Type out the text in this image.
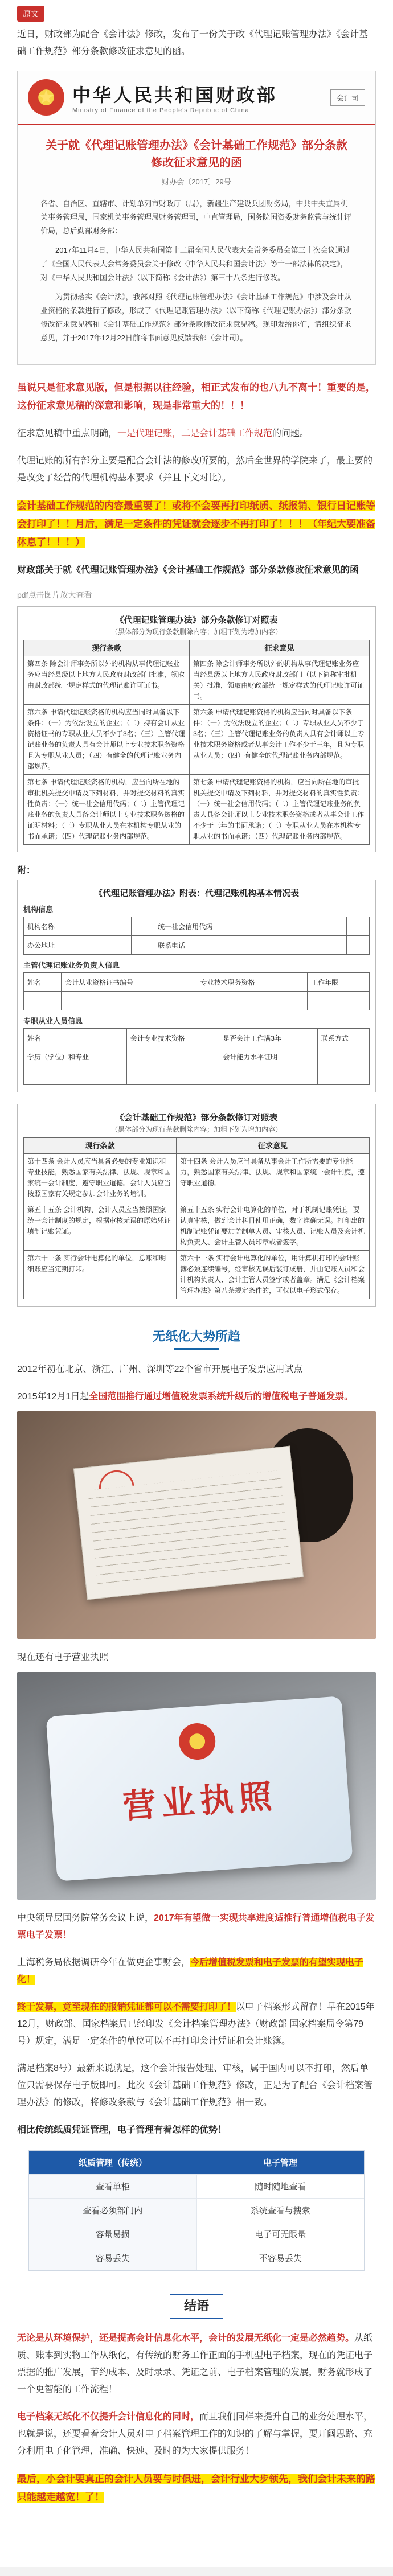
原文
近日，财政部为配合《会计法》修改，发布了一份关于改《代理记账管理办法》《会计基础工作规范》部分条款修改征求意见的函。
★ 中华人民共和国财政部
Ministry of Finance of the People's Republic of China
会计司
关于就《代理记账管理办法》《会计基础工作规范》部分条款修改征求意见的函
财办会〔2017〕29号

各省、自治区、直辖市、计划单列市财政厅（局），新疆生产建设兵团财务局，中共中央直属机关事务管理局，国家机关事务管理局财务管理司，中直管理局，国务院国资委财务监管与统计评价局，总后勤部财务部：

2017年11月4日，中华人民共和国第十二届全国人民代表大会常务委员会第三十次会议通过了《全国人民代表大会常务委员会关于修改〈中华人民共和国会计法〉等十一部法律的决定》，对《中华人民共和国会计法》（以下简称《会计法》）第三十八条进行修改。

为贯彻落实《会计法》，我部对照《代理记账管理办法》《会计基础工作规范》中涉及会计从业资格的条款进行了修改，形成了《代理记账管理办法》（以下简称《代理记账办法》）部分条款修改征求意见稿和《会计基础工作规范》部分条款修改征求意见稿。现印发给你们，请组织征求意见，并于2017年12月22日前将书面意见反馈我部（会计司）。

虽说只是征求意见版，但是根据以往经验，相正式发布的也八九不离十！重要的是，这份征求意见稿的深意和影响，现是非常重大的！！！
征求意见稿中重点明确，一是代理记账，二是会计基础工作规范的问题。
代理记账的所有部分主要是配合会计法的修改所要的，然后全世界的学院来了，最主要的是改变了经营的代理机构基本要求（并且下文对比）。
会计基础工作规范的内容最重要了！或将不会要再打印纸质、纸报销、银行日记账等会打印了！！月后，满足一定条件的凭证就会逐步不再打印了！！！（年纪大要准备休息了！！！）
财政部关于就《代理记账管理办法》《会计基础工作规范》部分条款修改征求意见的函
pdf点击图片放大查看
《代理记账管理办法》部分条款修订对照表
（黑体部分为现行条款删除内容；加粗下划为增加内容）
现行条款	征求意见
第四条 除会计师事务所以外的机构从事代理记账业务应当经县级以上地方人民政府财政部门批准，领取由财政部统一规定样式的代理记账许可证书。	第四条 除会计师事务所以外的机构从事代理记账业务应当经县级以上地方人民政府财政部门（以下简称审批机关）批准，领取由财政部统一规定样式的代理记账许可证书。
第六条 申请代理记账资格的机构应当同时具备以下条件：（一）为依法设立的企业；（二）持有会计从业资格证书的专职从业人员不少于3名；（三）主管代理记账业务的负责人具有会计师以上专业技术职务资格且为专职从业人员；（四）有健全的代理记账业务内部规范。	第六条 申请代理记账资格的机构应当同时具备以下条件：（一）为依法设立的企业；（二）专职从业人员不少于3名；（三）主管代理记账业务的负责人具有会计师以上专业技术职务资格或者从事会计工作不少于三年，且为专职从业人员；（四）有健全的代理记账业务内部规范。
第七条 申请代理记账资格的机构，应当向所在地的审批机关提交申请及下列材料，并对提交材料的真实性负责：（一）统一社会信用代码；（二）主管代理记账业务的负责人具备会计师以上专业技术职务资格的证明材料；（三）专职从业人员在本机构专职从业的书面承诺；（四）代理记账业务内部规范。	第七条 申请代理记账资格的机构，应当向所在地的审批机关提交申请及下列材料，并对提交材料的真实性负责：（一）统一社会信用代码；（二）主管代理记账业务的负责人具备会计师以上专业技术职务资格或者从事会计工作不少于三年的书面承诺；（三）专职从业人员在本机构专职从业的书面承诺；（四）代理记账业务内部规范。
附：
《代理记账管理办法》附表：代理记账机构基本情况表
机构信息
机构名称		统一社会信用代码	
办公地址		联系电话	
主管代理记账业务负责人信息
姓名	会计从业资格证书编号	专业技术职务资格	工作年限

专职从业人员信息
姓名	会计专业技术资格	是否会计工作满3年	联系方式
学历（学位）和专业		会计能力水平证明	

《会计基础工作规范》部分条款修订对照表
（黑体部分为现行条款删除内容；加粗下划为增加内容）
现行条款	征求意见
第十四条 会计人员应当具备必要的专业知识和专业技能，熟悉国家有关法律、法规、规章和国家统一会计制度，遵守职业道德。会计人员应当按照国家有关规定参加会计业务的培训。	第十四条 会计人员应当具备从事会计工作所需要的专业能力，熟悉国家有关法律、法规、规章和国家统一会计制度，遵守职业道德。
第五十五条 会计机构、会计人员应当按照国家统一会计制度的规定，根据审核无误的原始凭证填制记账凭证。	第五十五条 实行会计电算化的单位，对于机制记账凭证，要认真审核，做到会计科目使用正确，数字准确无误。打印出的机制记账凭证要加盖制单人员、审核人员、记账人员及会计机构负责人、会计主管人员印章或者签字。
第六十一条 实行会计电算化的单位，总账和明细账应当定期打印。	第六十一条 实行会计电算化的单位，用计算机打印的会计账簿必须连续编号，经审核无误后装订成册，并由记账人员和会计机构负责人、会计主管人员签字或者盖章。满足《会计档案管理办法》第八条规定条件的，可仅以电子形式保存。
无纸化大势所趋
2012年初在北京、浙江、广州、深圳等22个省市开展电子发票应用试点
2015年12月1日起全国范围推行通过增值税发票系统升级后的增值税电子普通发票。
现在还有电子营业执照
营业执照
中央领导层国务院常务会议上说，2017年有望做一实现共享进度适推行普通增值税电子发票电子发票！
上海税务局依据调研今年在做更企事财会，今后增值税发票和电子发票的有望实现电子化！
终于发票，竟至现在的报销凭证都可以不需要打印了！以电子档案形式留存！早在2015年12月，财政部、国家档案局已经印发《会计档案管理办法》（财政部 国家档案局令第79号）规定，满足一定条件的单位可以不再打印会计凭证和会计账簿。
满足档案8号）最新来说就是，这个会计报告处理、审核，属于国内可以不打印，然后单位只需要保存电子版即可。此次《会计基础工作规范》修改，正是为了配合《会计档案管理办法》的修改，将修改条款与《会计基础工作规范》相一致。
相比传统纸质凭证管理，电子管理有着怎样的优势！
纸质管理（传统）	电子管理
查看单柜	随时随地查看
查看必须部门内	系统查看与搜索
容量易损	电子可无限量
容易丢失	不容易丢失
结语
无论是从环境保护，还是提高会计信息化水平，会计的发展无纸化一定是必然趋势。从纸质、账本到实物工作从纸化，有传统的财务工作正面的手机型电子档案，现在的凭证电子票据的推广发展，节约成本、及时录录、凭证之前、电子档案管理的发展，财务就形成了一个更智能的工作流程！
电子档案无纸化不仅提升会计信息化的同时，而且我们同样来提升自己的业务处理水平，也就是说，还要看着会计人员对电子档案管理工作的知识的了解与掌握，要开阔思路、充分利用电子化管理，准确、快速、及时的为大家提供服务！
最后，小会计要真正的会计人员要与时俱进，会计行业大步领先，我们会计未来的路只能越走越宽！了！
